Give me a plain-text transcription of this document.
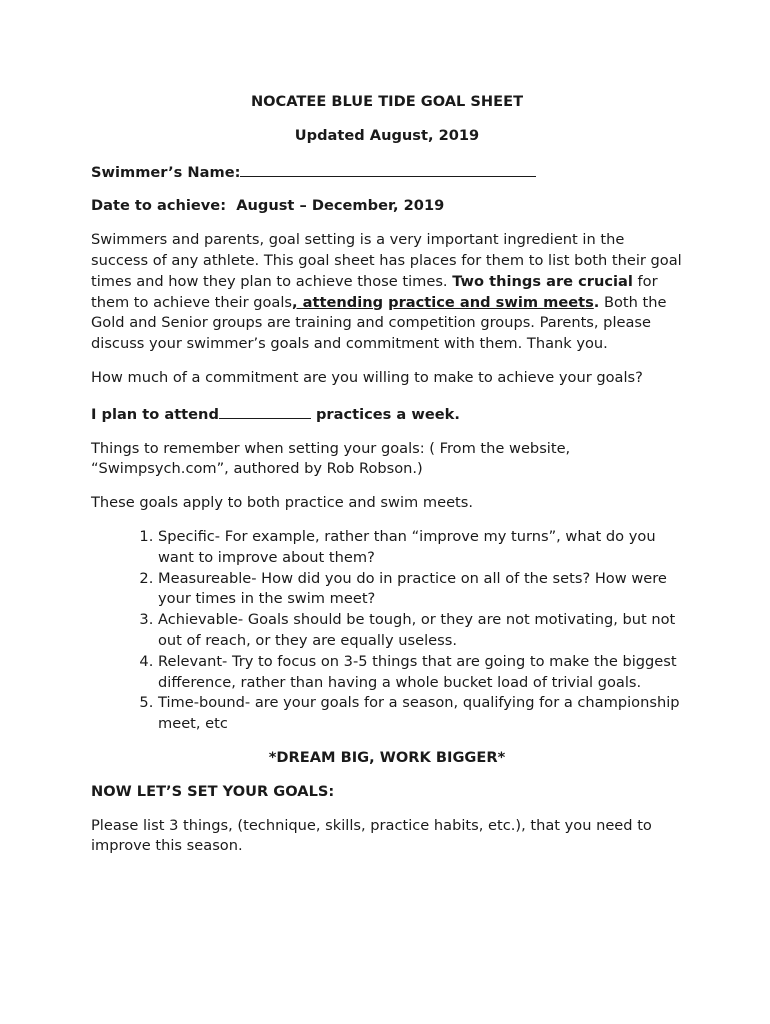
NOCATEE BLUE TIDE GOAL SHEET

Updated August, 2019

Swimmer’s Name:

Date to achieve: August – December, 2019

Swimmers and parents, goal setting is a very important ingredient in the success of any athlete. This goal sheet has places for them to list both their goal times and how they plan to achieve those times. Two things are crucial for them to achieve their goals, attending practice and swim meets. Both the Gold and Senior groups are training and competition groups. Parents, please discuss your swimmer’s goals and commitment with them. Thank you.

How much of a commitment are you willing to make to achieve your goals?

I plan to attend	practices a week.

Things to remember when setting your goals: ( From the website, “Swimpsych.com”, authored by Rob Robson.)

These goals apply to both practice and swim meets.

1. Specific- For example, rather than “improve my turns”, what do you want to improve about them?
2. Measureable- How did you do in practice on all of the sets? How were your times in the swim meet?
3. Achievable- Goals should be tough, or they are not motivating, but not out of reach, or they are equally useless.
4. Relevant- Try to focus on 3-5 things that are going to make the biggest difference, rather than having a whole bucket load of trivial goals.
5. Time-bound- are your goals for a season, qualifying for a championship meet, etc

*DREAM BIG, WORK BIGGER*

NOW LET’S SET YOUR GOALS:

Please list 3 things, (technique, skills, practice habits, etc.), that you need to improve this season.
